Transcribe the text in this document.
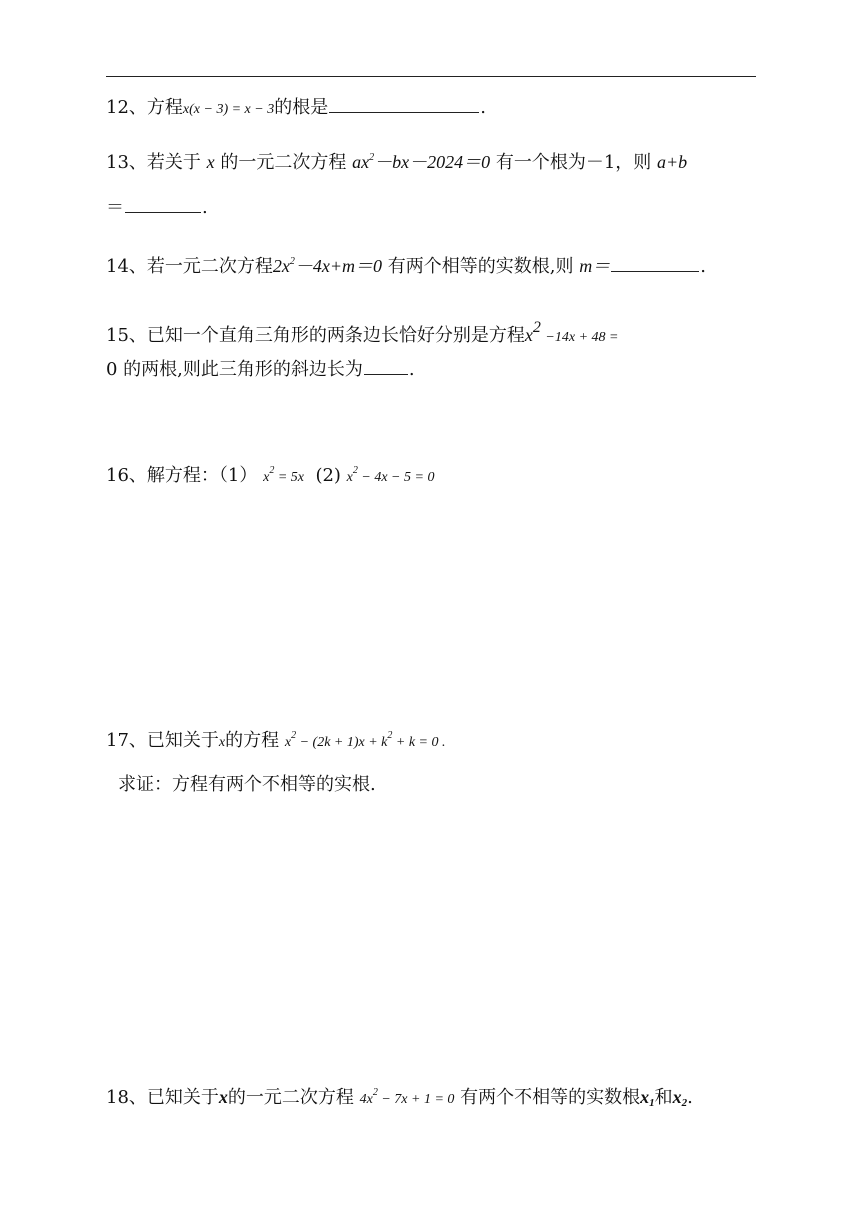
12、方程x(x − 3) = x − 3的根是	.
13、若关于 x 的一元二次方程 $ax^2-bx-2024=0$ 有一个根为－1，则 a+b
＝	.
14、若一元二次方程$2x^2-4x+m=0$ 有两个相等的实数根,则 m＝	.
15、已知一个直角三角形的两条边长恰好分别是方程x2 −14x + 48 =
0 的两根,则此三角形的斜边长为	.
16、解方程：（1） $x^2 = 5x$ (2) $x^2 - 4x - 5 = 0$
17、已知关于x的方程 $x^2 - (2k + 1)x + k^2 + k = 0$ .
求证：方程有两个不相等的实根.
18、已知关于x的一元二次方程 $4x^2 - 7x + 1 = 0$ 有两个不相等的实数根$x_1$和$x_2$.
